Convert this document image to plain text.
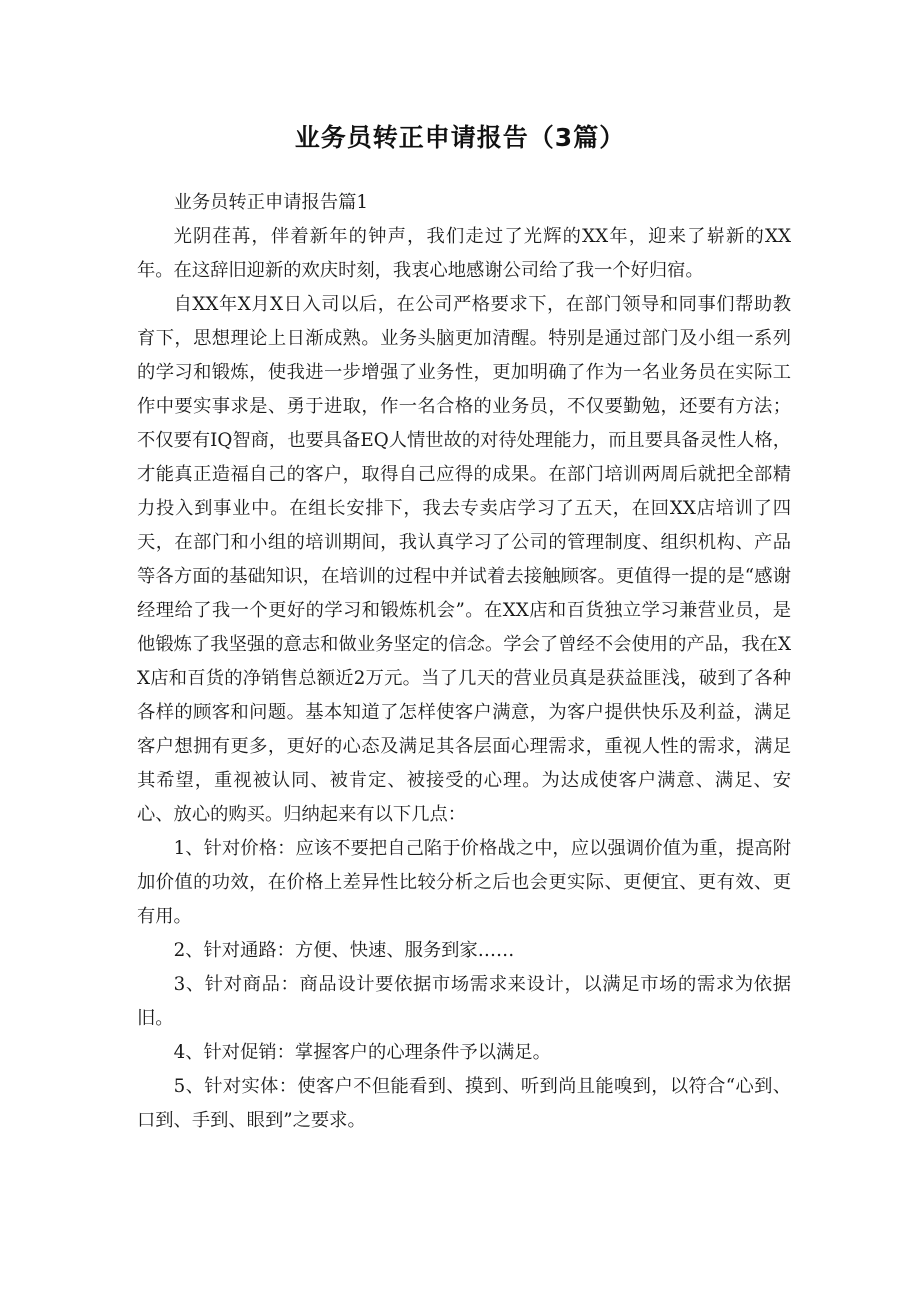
业务员转正申请报告（3篇）

业务员转正申请报告篇1

光阴荏苒，伴着新年的钟声，我们走过了光辉的XX年，迎来了崭新的XX年。在这辞旧迎新的欢庆时刻，我衷心地感谢公司给了我一个好归宿。

自XX年X月X日入司以后，在公司严格要求下，在部门领导和同事们帮助教育下，思想理论上日渐成熟。业务头脑更加清醒。特别是通过部门及小组一系列的学习和锻炼，使我进一步增强了业务性，更加明确了作为一名业务员在实际工作中要实事求是、勇于进取，作一名合格的业务员，不仅要勤勉，还要有方法；不仅要有IQ智商，也要具备EQ人情世故的对待处理能力，而且要具备灵性人格，才能真正造福自己的客户，取得自己应得的成果。在部门培训两周后就把全部精力投入到事业中。在组长安排下，我去专卖店学习了五天，在回XX店培训了四天，在部门和小组的培训期间，我认真学习了公司的管理制度、组织机构、产品等各方面的基础知识，在培训的过程中并试着去接触顾客。更值得一提的是“感谢经理给了我一个更好的学习和锻炼机会”。在XX店和百货独立学习兼营业员，是他锻炼了我坚强的意志和做业务坚定的信念。学会了曾经不会使用的产品，我在XX店和百货的净销售总额近2万元。当了几天的营业员真是获益匪浅，破到了各种各样的顾客和问题。基本知道了怎样使客户满意，为客户提供快乐及利益，满足客户想拥有更多，更好的心态及满足其各层面心理需求，重视人性的需求，满足其希望，重视被认同、被肯定、被接受的心理。为达成使客户满意、满足、安心、放心的购买。归纳起来有以下几点：

1、针对价格：应该不要把自己陷于价格战之中，应以强调价值为重，提高附加价值的功效，在价格上差异性比较分析之后也会更实际、更便宜、更有效、更有用。

2、针对通路：方便、快速、服务到家……

3、针对商品：商品设计要依据市场需求来设计，以满足市场的需求为依据旧。

4、针对促销：掌握客户的心理条件予以满足。

5、针对实体：使客户不但能看到、摸到、听到尚且能嗅到，以符合“心到、口到、手到、眼到”之要求。
